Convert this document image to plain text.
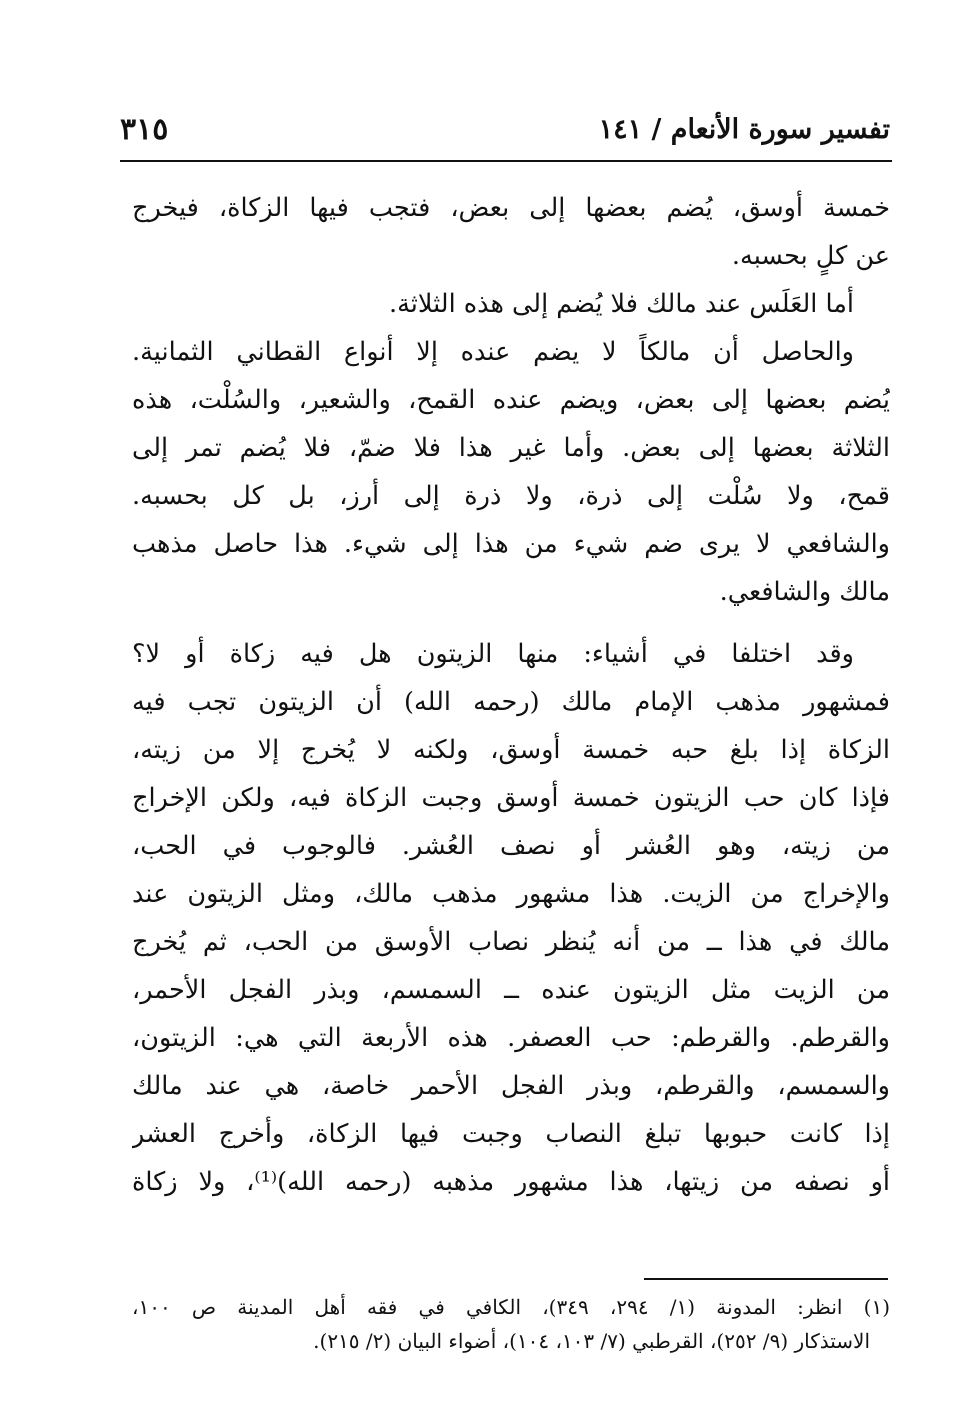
تفسير سورة الأنعام / ١٤١
٣١٥
خمسة أوسق، يُضم بعضها إلى بعض، فتجب فيها الزكاة، فيخرج
عن كلٍ بحسبه.
أما العَلَس عند مالك فلا يُضم إلى هذه الثلاثة.
والحاصل أن مالكاً لا يضم عنده إلا أنواع القطاني الثمانية.
يُضم بعضها إلى بعض، ويضم عنده القمح، والشعير، والسُلْت، هذه
الثلاثة بعضها إلى بعض. وأما غير هذا فلا ضمّ، فلا يُضم تمر إلى
قمح، ولا سُلْت إلى ذرة، ولا ذرة إلى أرز، بل كل بحسبه.
والشافعي لا يرى ضم شيء من هذا إلى شيء. هذا حاصل مذهب
مالك والشافعي.
وقد اختلفا في أشياء: منها الزيتون هل فيه زكاة أو لا؟
فمشهور مذهب الإمام مالك (رحمه الله) أن الزيتون تجب فيه
الزكاة إذا بلغ حبه خمسة أوسق، ولكنه لا يُخرج إلا من زيته،
فإذا كان حب الزيتون خمسة أوسق وجبت الزكاة فيه، ولكن الإخراج
من زيته، وهو العُشر أو نصف العُشر. فالوجوب في الحب،
والإخراج من الزيت. هذا مشهور مذهب مالك، ومثل الزيتون عند
مالك في هذا ــ من أنه يُنظر نصاب الأوسق من الحب، ثم يُخرج
من الزيت مثل الزيتون عنده ــ السمسم، وبذر الفجل الأحمر،
والقرطم. والقرطم: حب العصفر. هذه الأربعة التي هي: الزيتون،
والسمسم، والقرطم، وبذر الفجل الأحمر خاصة، هي عند مالك
إذا كانت حبوبها تبلغ النصاب وجبت فيها الزكاة، وأخرج العشر
أو نصفه من زيتها، هذا مشهور مذهبه (رحمه الله)⁽¹⁾، ولا زكاة
(١) انظر: المدونة (١/ ٢٩٤، ٣٤٩)، الكافي في فقه أهل المدينة ص ١٠٠،
الاستذكار (٩/ ٢٥٢)، القرطبي (٧/ ١٠٣، ١٠٤)، أضواء البيان (٢/ ٢١٥).
